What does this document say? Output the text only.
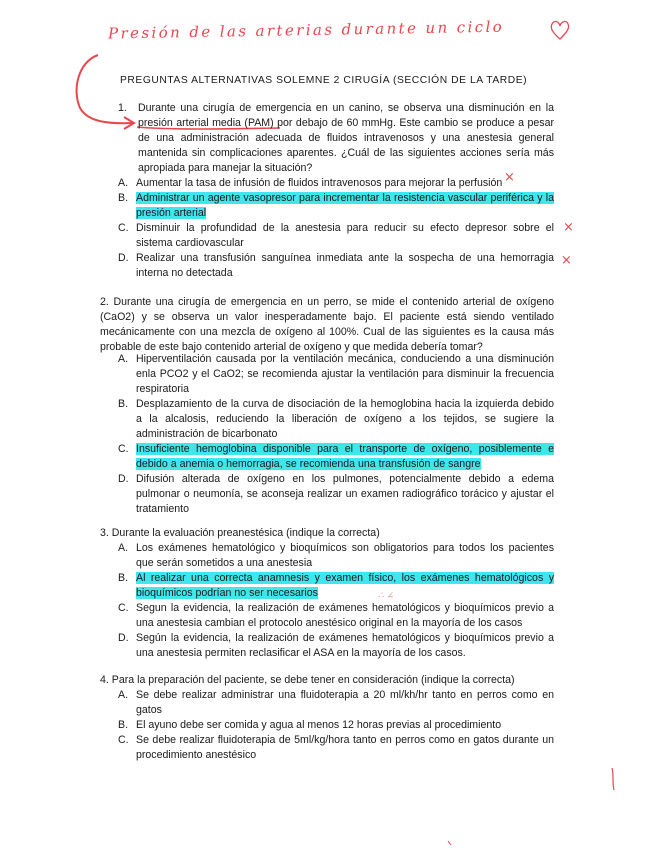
Presión de las arterias durante un ciclo
PREGUNTAS ALTERNATIVAS SOLEMNE 2 CIRUGÍA (SECCIÓN DE LA TARDE)
1. Durante una cirugía de emergencia en un canino, se observa una disminución en la presión arterial media (PAM) por debajo de 60 mmHg. Este cambio se produce a pesar de una administración adecuada de fluidos intravenosos y una anestesia general mantenida sin complicaciones aparentes. ¿Cuál de las siguientes acciones sería más apropiada para manejar la situación?
A. Aumentar la tasa de infusión de fluidos intravenosos para mejorar la perfusión
B. Administrar un agente vasopresor para incrementar la resistencia vascular periférica y la presión arterial
C. Disminuir la profundidad de la anestesia para reducir su efecto depresor sobre el sistema cardiovascular
D. Realizar una transfusión sanguínea inmediata ante la sospecha de una hemorragia interna no detectada
×
×
×
2. Durante una cirugía de emergencia en un perro, se mide el contenido arterial de oxígeno (CaO2) y se observa un valor inesperadamente bajo. El paciente está siendo ventilado mecánicamente con una mezcla de oxígeno al 100%. Cual de las siguientes es la causa más probable de este bajo contenido arterial de oxígeno y que medida debería tomar?
A. Hiperventilación causada por la ventilación mecánica, conduciendo a una disminución enla PCO2 y el CaO2; se recomienda ajustar la ventilación para disminuir la frecuencia respiratoria
B. Desplazamiento de la curva de disociación de la hemoglobina hacia la izquierda debido a la alcalosis, reduciendo la liberación de oxígeno a los tejidos, se sugiere la administración de bicarbonato
C. Insuficiente hemoglobina disponible para el transporte de oxígeno, posiblemente e debido a anemia o hemorragia, se recomienda una transfusión de sangre
D. Difusión alterada de oxígeno en los pulmones, potencialmente debido a edema pulmonar o neumonía, se aconseja realizar un examen radiográfico torácico y ajustar el tratamiento
3. Durante la evaluación preanestésica (indique la correcta)
A. Los exámenes hematológico y bioquímicos son obligatorios para todos los pacientes que serán sometidos a una anestesia
B. Al realizar una correcta anamnesis y examen físico, los exámenes hematológicos y bioquímicos podrían no ser necesarios
C. Segun la evidencia, la realización de exámenes hematológicos y bioquímicos previo a una anestesia cambian el protocolo anestésico original en la mayoría de los casos
D. Según la evidencia, la realización de exámenes hematológicos y bioquímicos previo a una anestesia permiten reclasificar el ASA en la mayoría de los casos.
∴ ∠
4. Para la preparación del paciente, se debe tener en consideración (indique la correcta)
A. Se debe realizar administrar una fluidoterapia a 20 ml/kh/hr tanto en perros como en gatos
B. El ayuno debe ser comida y agua al menos 12 horas previas al procedimiento
C. Se debe realizar fluidoterapia de 5ml/kg/hora tanto en perros como en gatos durante un procedimiento anestésico
